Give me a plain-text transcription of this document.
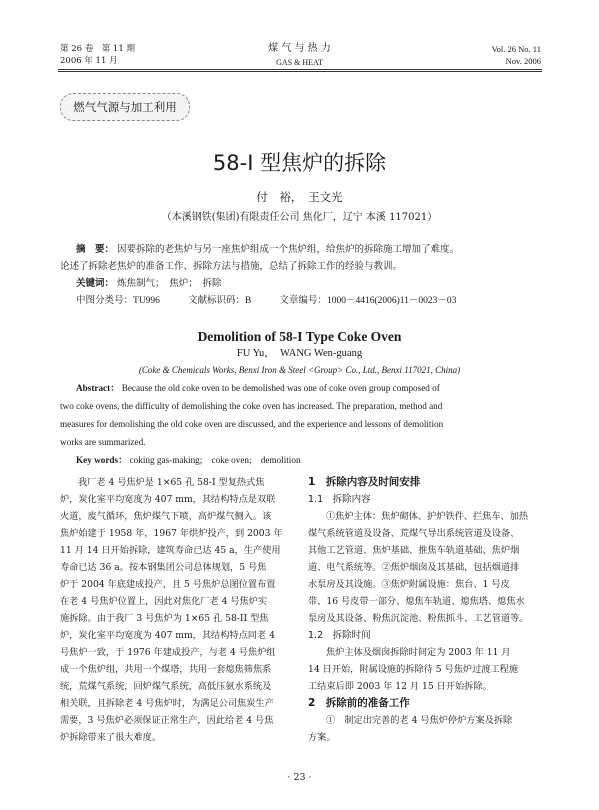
第 26 卷　第 11 期
2006 年 11 月
煤 气 与 热 力
GAS & HEAT
Vol. 26 No. 11
Nov. 2006
燃气气源与加工利用
58-I 型焦炉的拆除
付　裕，　王文光
（本溪钢铁(集团)有限责任公司 焦化厂，辽宁 本溪 117021）
摘　要： 因要拆除的老焦炉与另一座焦炉组成一个焦炉组，给焦炉的拆除施工增加了难度。
论述了拆除老焦炉的准备工作、拆除方法与措施，总结了拆除工作的经验与教训。
关键词： 炼焦制气；　焦炉；　拆除
中图分类号：TU996	文献标识码：B	文章编号：1000－4416(2006)11－0023－03
Demolition of 58-I Type Coke Oven
FU Yu，　WANG Wen-guang
(Coke & Chemicals Works, Benxi Iron & Steel <Group> Co., Ltd., Benxi 117021, China)
Abstract： Because the old coke oven to be demolished was one of coke oven group composed of
two coke ovens, the difficulty of demolishing the coke oven has increased. The preparation, method and
measures for demolishing the old coke oven are discussed, and the experience and lessons of demolition
works are summarized.
Key words： coking gas-making;　coke oven;　demolition
我厂老 4 号焦炉是 1×65 孔 58-I 型复热式焦
炉，炭化室平均宽度为 407 mm，其结构特点是双联
火道，废气循环，焦炉煤气下喷，高炉煤气侧入。该
焦炉始建于 1958 年，1967 年烘炉投产，到 2003 年
11 月 14 日开始拆除，建筑寿命已达 45 a，生产使用
寿命已达 36 a。按本钢集团公司总体规划，5 号焦
炉于 2004 年底建成投产，且 5 号焦炉总图位置布置
在老 4 号焦炉位置上，因此对焦化厂老 4 号焦炉实
施拆除。由于我厂 3 号焦炉为 1×65 孔 58-II 型焦
炉，炭化室平均宽度为 407 mm，其结构特点同老 4
号焦炉一致，于 1976 年建成投产，与老 4 号焦炉组
成一个焦炉组，共用一个煤塔，共用一套熄焦筛焦系
统，荒煤气系统，回炉煤气系统，高低压氨水系统及
相关联，且拆除老 4 号焦炉时，为满足公司焦炭生产
需要，3 号焦炉必须保证正常生产，因此给老 4 号焦
炉拆除带来了很大难度。
1　拆除内容及时间安排
1.1　拆除内容
①焦炉主体：焦炉砌体、护炉铁件、拦焦车、加热
煤气系统管道及设备、荒煤气导出系统管道及设备、
其他工艺管道、焦炉基础、推焦车轨道基础、焦炉烟
道、电气系统等。②焦炉烟囱及其基础，包括烟道排
水泵房及其设施。③焦炉附属设施：焦台、1 号皮
带、16 号皮带一部分、熄焦车轨道、熄焦塔、熄焦水
泵房及其设备、粉焦沉淀池、粉焦抓斗、工艺管道等。
1.2　拆除时间
焦炉主体及烟囱拆除时间定为 2003 年 11 月
14 日开始，附属设施的拆除待 5 号焦炉过渡工程施
工结束后即 2003 年 12 月 15 日开始拆除。
2　拆除前的准备工作
①　制定出完善的老 4 号焦炉停炉方案及拆除
方案。
· 23 ·
